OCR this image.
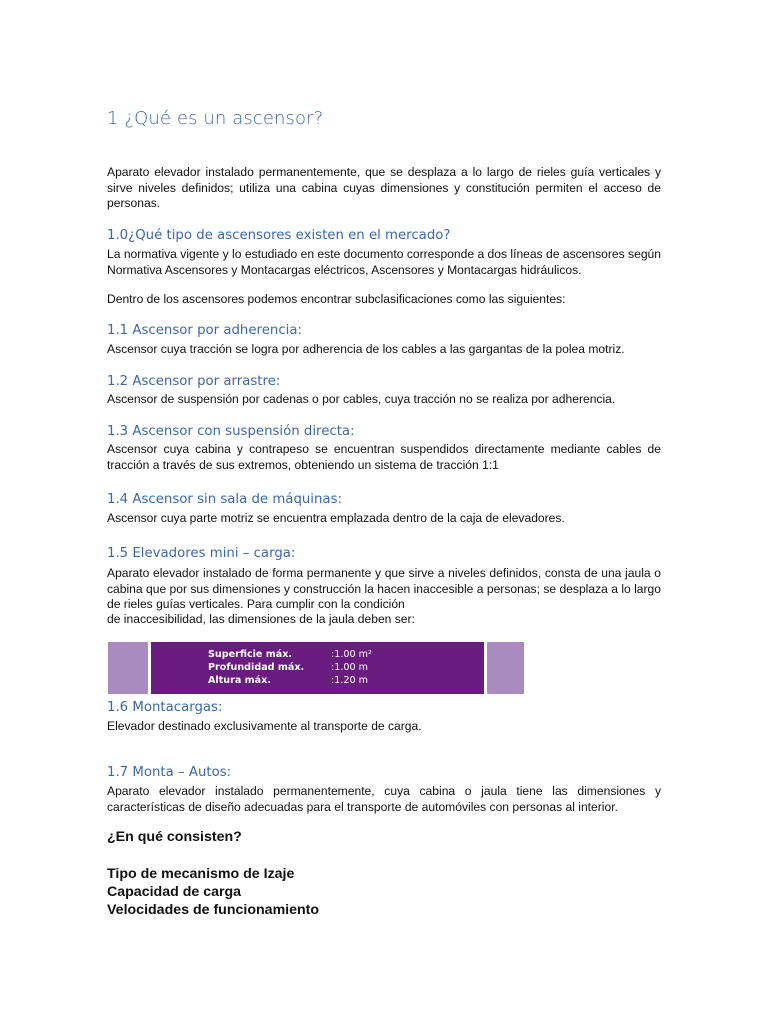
1 ¿Qué es un ascensor?
Aparato elevador instalado permanentemente, que se desplaza a lo largo de rieles guía verticales y sirve niveles definidos; utiliza una cabina cuyas dimensiones y constitución permiten el acceso de personas.
1.0¿Qué tipo de ascensores existen en el mercado?
La normativa vigente y lo estudiado en este documento corresponde a dos líneas de ascensores según Normativa Ascensores y Montacargas eléctricos, Ascensores y Montacargas hidráulicos.
Dentro de los ascensores podemos encontrar subclasificaciones como las siguientes:
1.1 Ascensor por adherencia:
Ascensor cuya tracción se logra por adherencia de los cables a las gargantas de la polea motriz.
1.2 Ascensor por arrastre:
Ascensor de suspensión por cadenas o por cables, cuya tracción no se realiza por adherencia.
1.3 Ascensor con suspensión directa:
Ascensor cuya cabina y contrapeso se encuentran suspendidos directamente mediante cables de tracción a través de sus extremos, obteniendo un sistema de tracción 1:1
1.4 Ascensor sin sala de máquinas:
Ascensor cuya parte motriz se encuentra emplazada dentro de la caja de elevadores.
1.5 Elevadores mini – carga:
Aparato elevador instalado de forma permanente y que sirve a niveles definidos, consta de una jaula o cabina que por sus dimensiones y construcción la hacen inaccesible a personas; se desplaza a lo largo de rieles guías verticales. Para cumplir con la condición
de inaccesibilidad, las dimensiones de la jaula deben ser:
Superficie máx.	:1.00 m²
Profundidad máx.	:1.00 m
Altura máx.	:1.20 m
1.6 Montacargas:
Elevador destinado exclusivamente al transporte de carga.
1.7 Monta – Autos:
Aparato elevador instalado permanentemente, cuya cabina o jaula tiene las dimensiones y características de diseño adecuadas para el transporte de automóviles con personas al interior.
¿En qué consisten?
Tipo de mecanismo de Izaje
Capacidad de carga
Velocidades de funcionamiento
